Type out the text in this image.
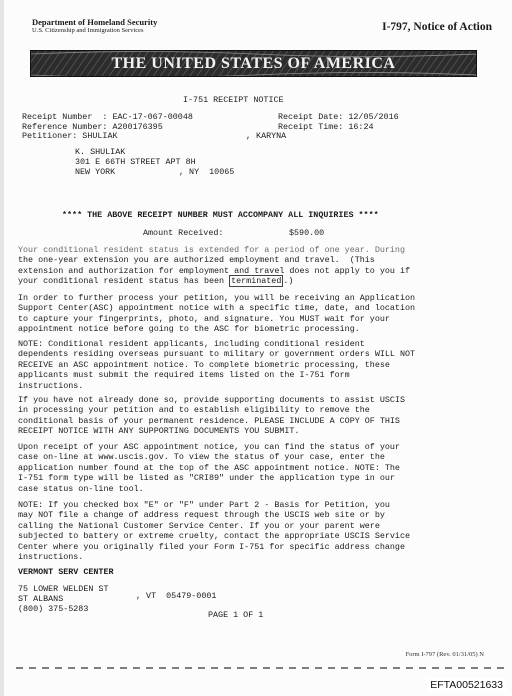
Department of Homeland Security
U.S. Citizenship and Immigration Services	I-797, Notice of Action
THE UNITED STATES OF AMERICA
I-751 RECEIPT NOTICE
Receipt Number  : EAC-17-067-00048
Reference Number: A200176395
Petitioner: SHULIAK	, KARYNA
Receipt Date: 12/05/2016
Receipt Time: 16:24
K. SHULIAK
301 E 66TH STREET APT 8H
NEW YORK	, NY  10065
**** THE ABOVE RECEIPT NUMBER MUST ACCOMPANY ALL INQUIRIES ****
Amount Received:	$590.00
Your conditional resident status is extended for a period of one year. During
the one-year extension you are authorized employment and travel.  (This
extension and authorization for employment and travel does not apply to you if
your conditional resident status has been terminated .)
In order to further process your petition, you will be receiving an Application
Support Center(ASC) appointment notice with a specific time, date, and location
to capture your fingerprints, photo, and signature. You MUST wait for your
appointment notice before going to the ASC for biometric processing.
NOTE: Conditional resident applicants, including conditional resident
dependents residing overseas pursuant to military or government orders WILL NOT
RECEIVE an ASC appointment notice. To complete biometric processing, these
applicants must submit the required items listed on the I-751 form
instructions.
If you have not already done so, provide supporting documents to assist USCIS
in processing your petition and to establish eligibility to remove the
conditional basis of your permanent residence. PLEASE INCLUDE A COPY OF THIS
RECEIPT NOTICE WITH ANY SUPPORTING DOCUMENTS YOU SUBMIT.
Upon receipt of your ASC appointment notice, you can find the status of your
case on-line at www.uscis.gov. To view the status of your case, enter the
application number found at the top of the ASC appointment notice. NOTE: The
I-751 form type will be listed as "CRI89" under the application type in our
case status on-line tool.
NOTE: If you checked box "E" or "F" under Part 2 - Basis for Petition, you
may NOT file a change of address request through the USCIS web site or by
calling the National Customer Service Center. If you or your parent were
subjected to battery or extreme cruelty, contact the appropriate USCIS Service
Center where you originally filed your Form I-751 for specific address change
instructions.
VERMONT SERV CENTER
75 LOWER WELDEN ST
ST ALBANS	, VT  05479-0001
(800) 375-5283
PAGE 1 OF 1
Form I-797 (Rev. 01/31/05) N
EFTA00521633
